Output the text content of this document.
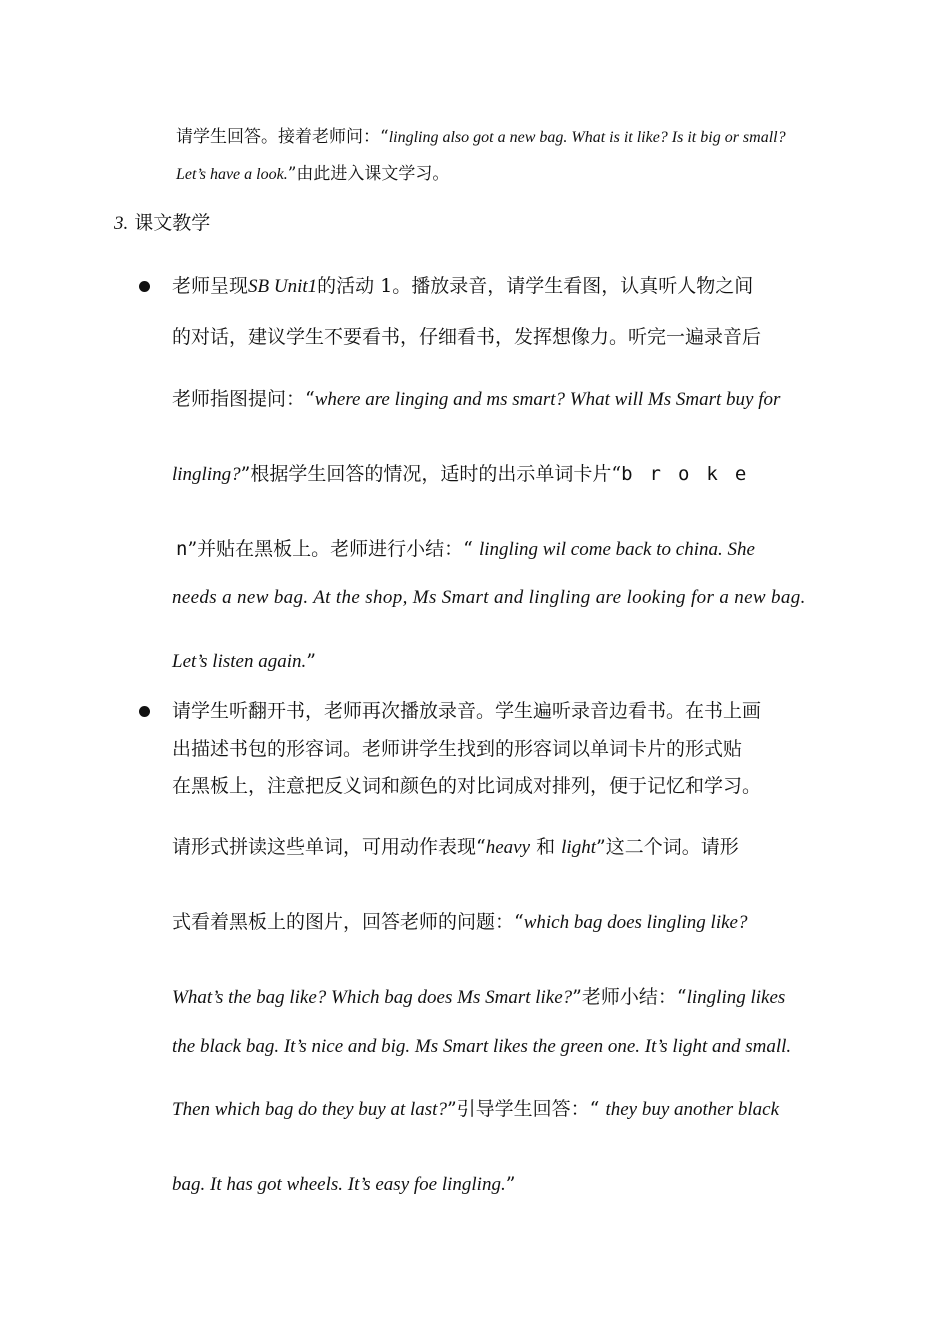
请学生回答。接着老师问：“lingling also got a new bag. What is it like? Is it big or small?
Let’s have a look.”由此进入课文学习。
3. 课文教学
老师呈现SB Unit1的活动 1。播放录音，请学生看图，认真听人物之间
的对话，建议学生不要看书，仔细看书，发挥想像力。听完一遍录音后
老师指图提问：“where are linging and ms smart? What will Ms Smart buy for
lingling?”根据学生回答的情况，适时的出示单词卡片“broke
n”并贴在黑板上。老师进行小结：“ lingling wil come back to china. She
needs a new bag. At the shop, Ms Smart and lingling are looking for a new bag.
Let’s listen again.”
请学生听翻开书，老师再次播放录音。学生遍听录音边看书。在书上画
出描述书包的形容词。老师讲学生找到的形容词以单词卡片的形式贴
在黑板上，注意把反义词和颜色的对比词成对排列，便于记忆和学习。
请形式拼读这些单词，可用动作表现“heavy 和 light”这二个词。请形
式看着黑板上的图片，回答老师的问题：“which bag does lingling like?
What’s the bag like? Which bag does Ms Smart like?”老师小结：“lingling likes
the black bag. It’s nice and big. Ms Smart likes the green one. It’s light and small.
Then which bag do they buy at last?”引导学生回答：“ they buy another black
bag. It has got wheels. It’s easy foe lingling.”
